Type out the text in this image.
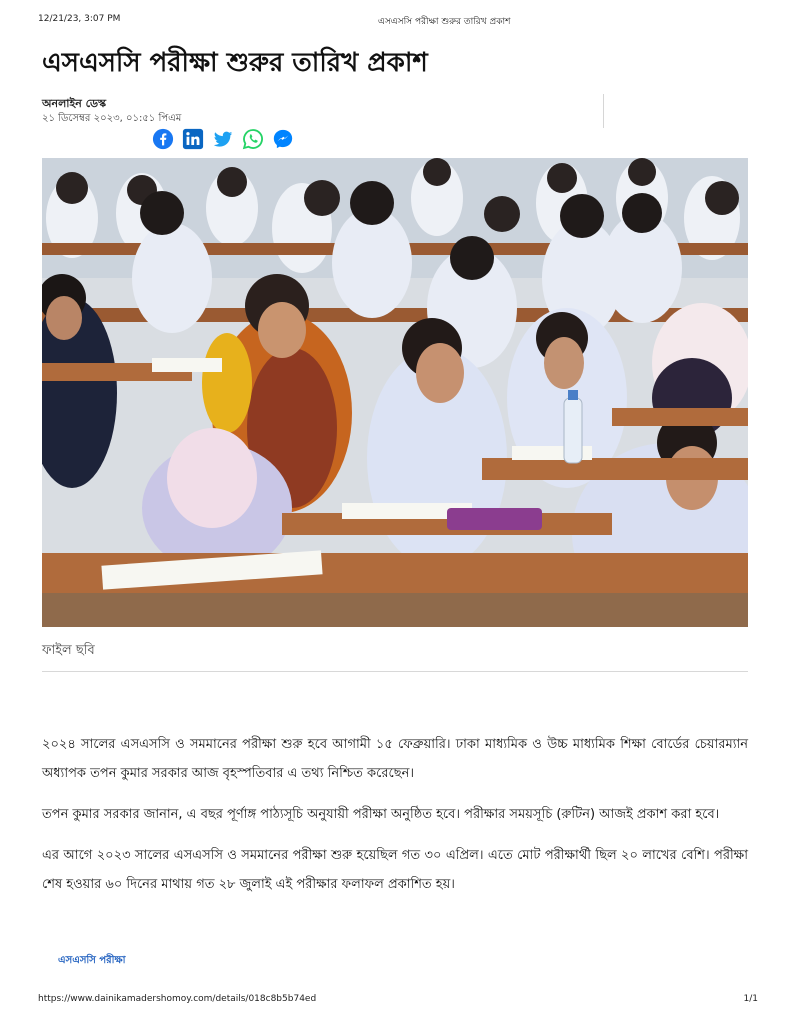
12/21/23, 3:07 PM	এসএসসি পরীক্ষা শুরুর তারিখ প্রকাশ
এসএসসি পরীক্ষা শুরুর তারিখ প্রকাশ
অনলাইন ডেস্ক
২১ ডিসেম্বর ২০২৩, ০১:৫১ পিএম
ফাইল ছবি

২০২৪ সালের এসএসসি ও সমমানের পরীক্ষা শুরু হবে আগামী ১৫ ফেব্রুয়ারি। ঢাকা মাধ্যমিক ও উচ্চ মাধ্যমিক শিক্ষা বোর্ডের চেয়ারম্যান অধ্যাপক তপন কুমার সরকার আজ বৃহস্পতিবার এ তথ্য নিশ্চিত করেছেন।

তপন কুমার সরকার জানান, এ বছর পূর্ণাঙ্গ পাঠ্যসূচি অনুযায়ী পরীক্ষা অনুষ্ঠিত হবে। পরীক্ষার সময়সূচি (রুটিন) আজই প্রকাশ করা হবে।

এর আগে ২০২৩ সালের এসএসসি ও সমমানের পরীক্ষা শুরু হয়েছিল গত ৩০ এপ্রিল। এতে মোট পরীক্ষার্থী ছিল ২০ লাখের বেশি। পরীক্ষা শেষ হওয়ার ৬০ দিনের মাথায় গত ২৮ জুলাই এই পরীক্ষার ফলাফল প্রকাশিত হয়।

এসএসসি পরীক্ষা
https://www.dainikamadershomoy.com/details/018c8b5b74ed	1/1
